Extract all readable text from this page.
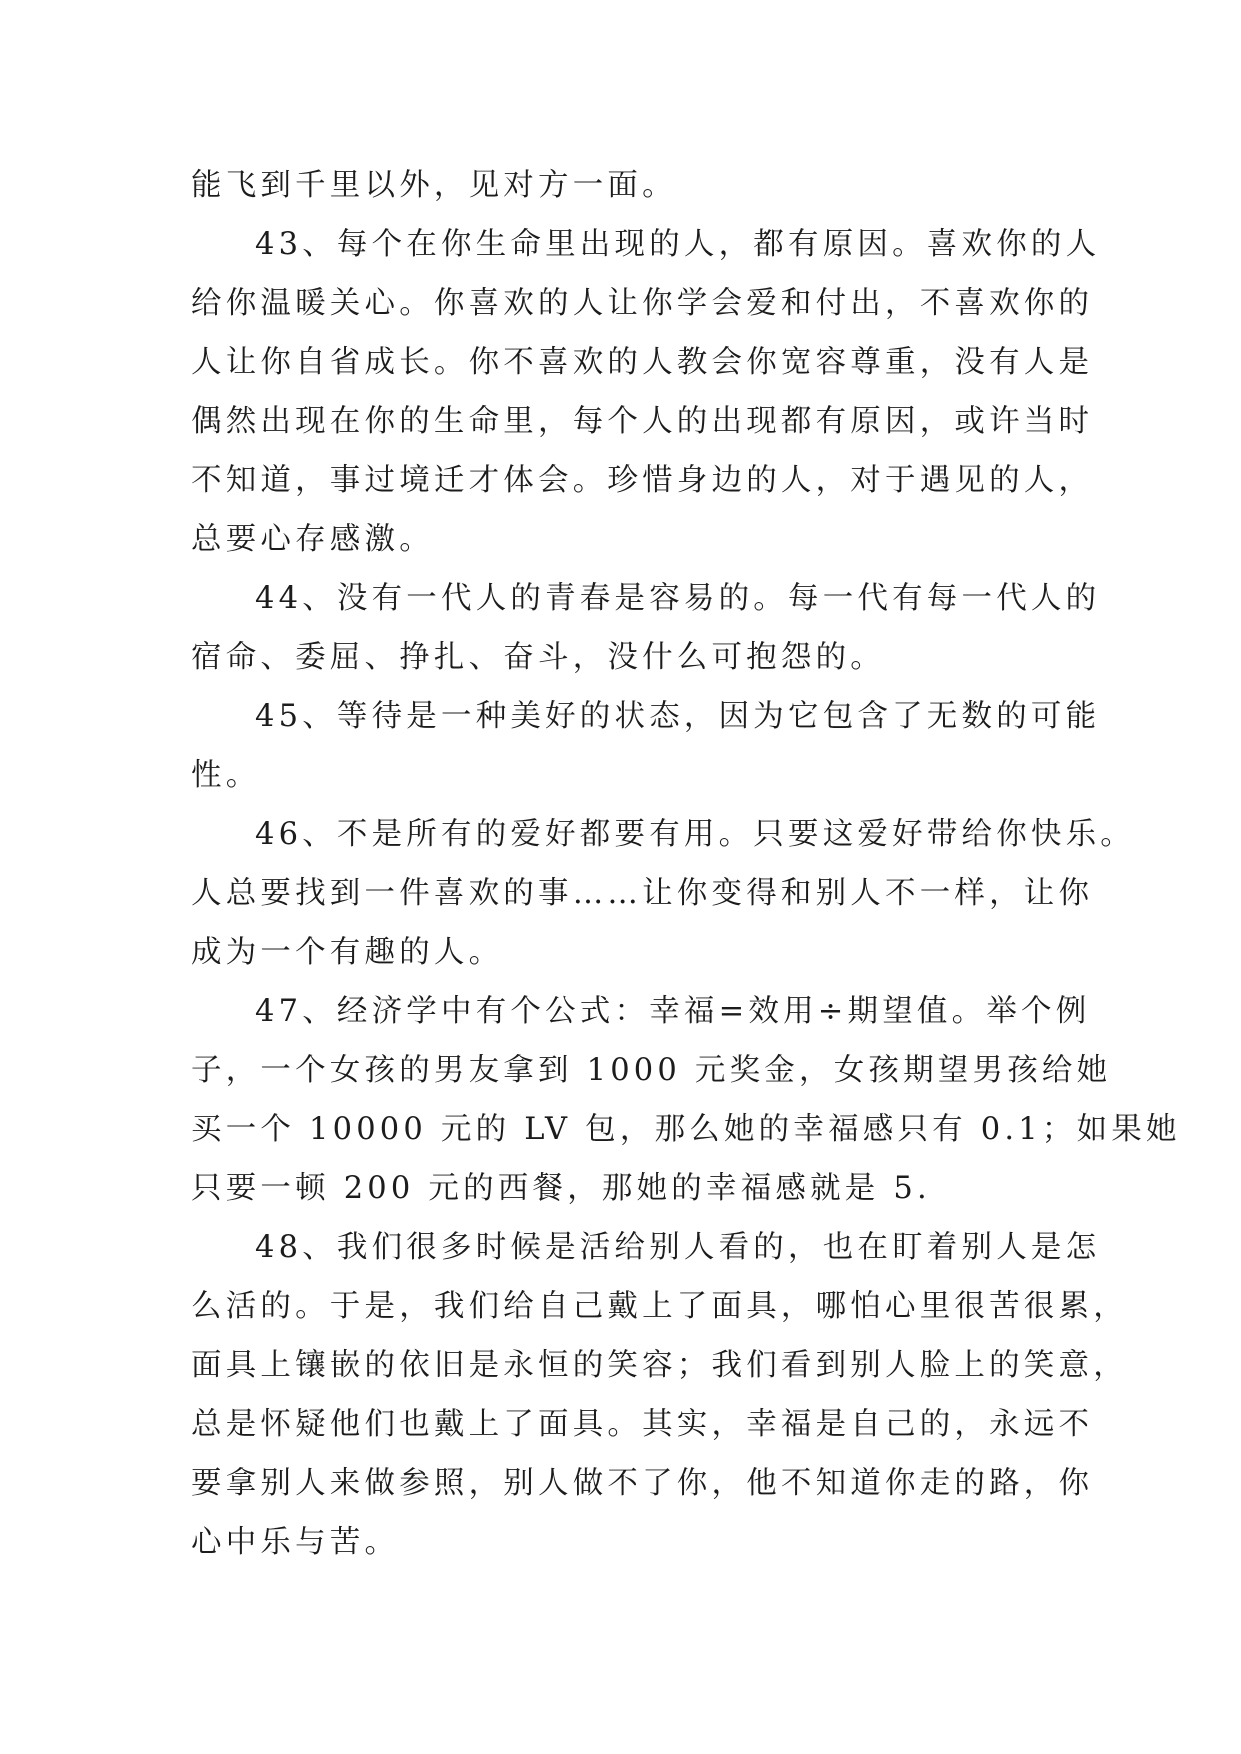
能飞到千里以外，见对方一面。
43、每个在你生命里出现的人，都有原因。喜欢你的人
给你温暖关心。你喜欢的人让你学会爱和付出，不喜欢你的
人让你自省成长。你不喜欢的人教会你宽容尊重，没有人是
偶然出现在你的生命里，每个人的出现都有原因，或许当时
不知道，事过境迁才体会。珍惜身边的人，对于遇见的人，
总要心存感激。
44、没有一代人的青春是容易的。每一代有每一代人的
宿命、委屈、挣扎、奋斗，没什么可抱怨的。
45、等待是一种美好的状态，因为它包含了无数的可能
性。
46、不是所有的爱好都要有用。只要这爱好带给你快乐。
人总要找到一件喜欢的事……让你变得和别人不一样，让你
成为一个有趣的人。
47、经济学中有个公式：幸福=效用÷期望值。举个例
子，一个女孩的男友拿到 1000 元奖金，女孩期望男孩给她
买一个 10000 元的 LV 包，那么她的幸福感只有 0.1；如果她
只要一顿 200 元的西餐，那她的幸福感就是 5.
48、我们很多时候是活给别人看的，也在盯着别人是怎
么活的。于是，我们给自己戴上了面具，哪怕心里很苦很累，
面具上镶嵌的依旧是永恒的笑容；我们看到别人脸上的笑意，
总是怀疑他们也戴上了面具。其实，幸福是自己的，永远不
要拿别人来做参照，别人做不了你，他不知道你走的路，你
心中乐与苦。
